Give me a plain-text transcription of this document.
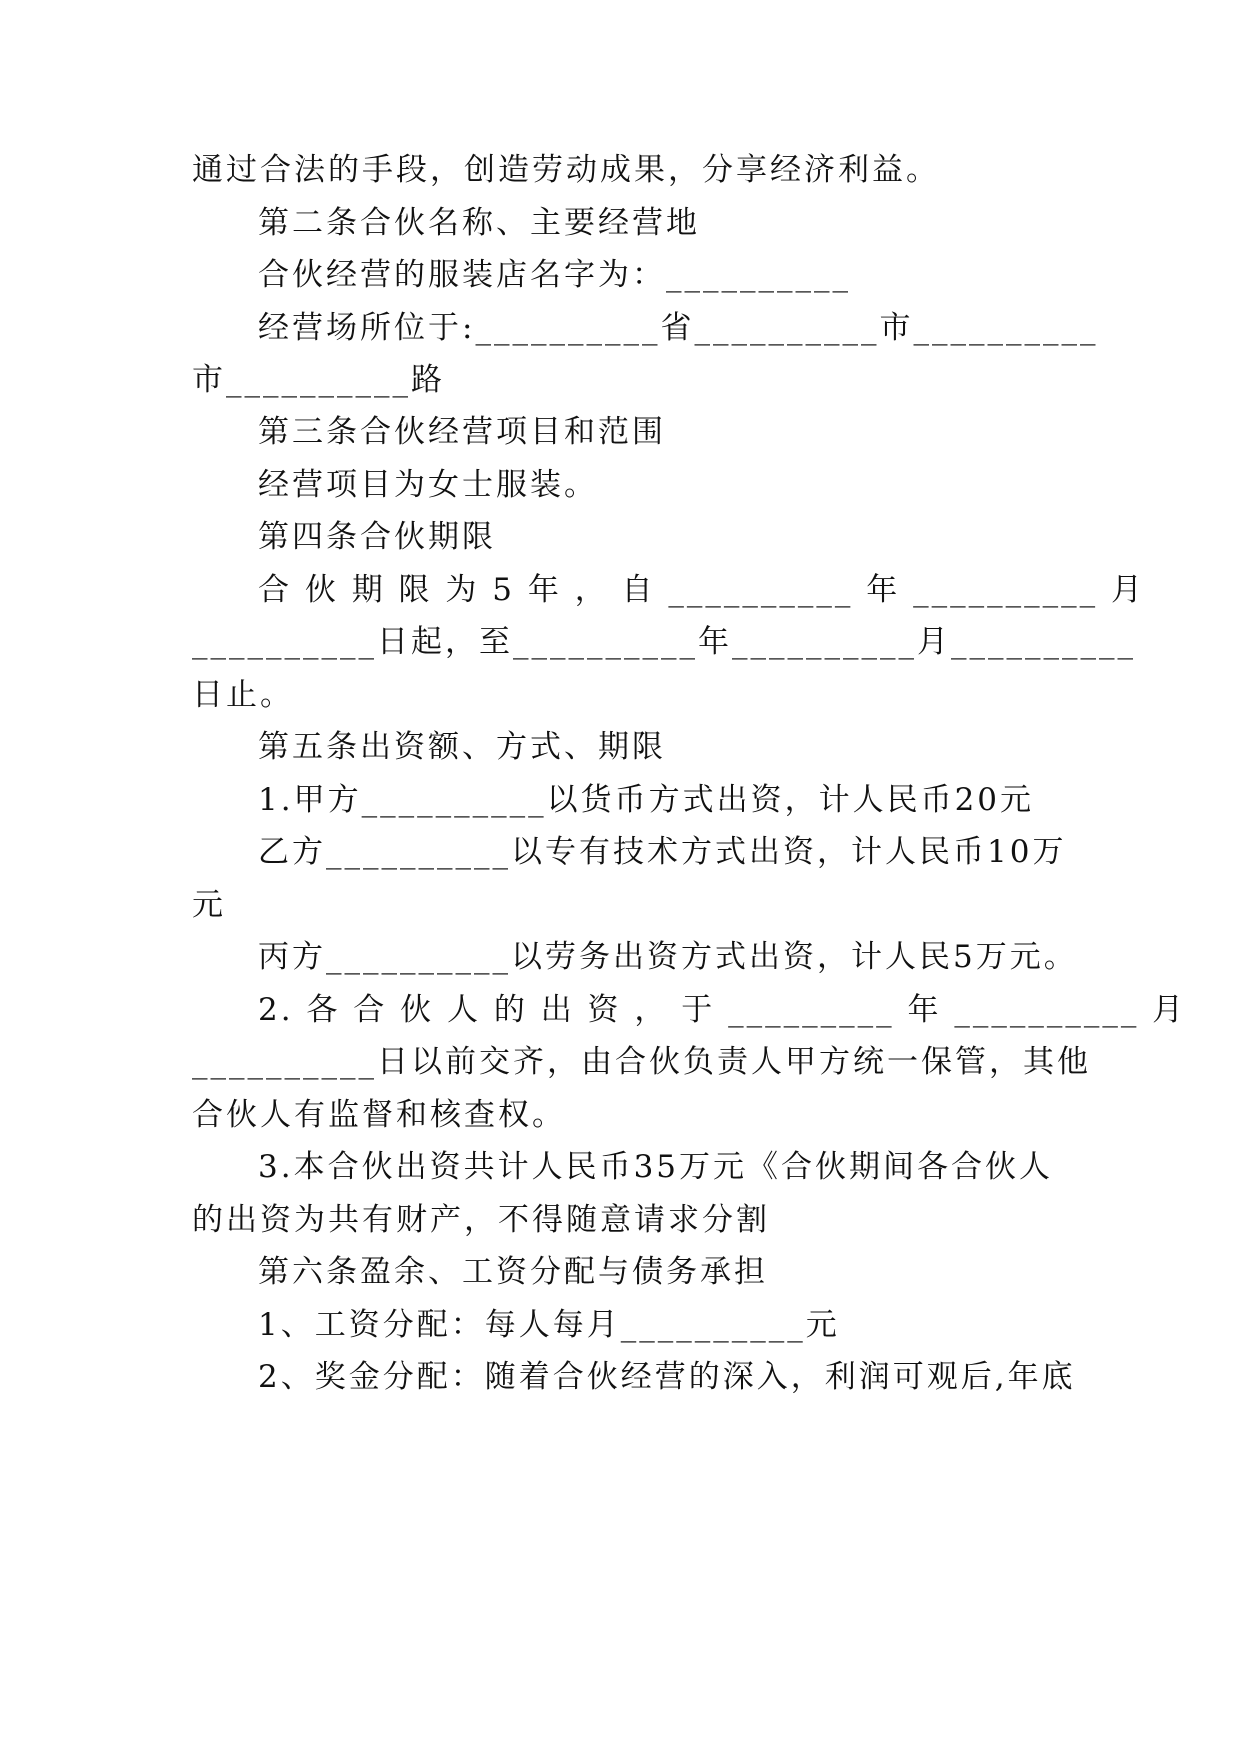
通过合法的手段，创造劳动成果，分享经济利益。
第二条合伙名称、主要经营地
合伙经营的服装店名字为：__________
经营场所位于:__________省__________市__________
市__________路
第三条合伙经营项目和范围
经营项目为女士服装。
第四条合伙期限
合 伙 期 限 为 5 年 ， 自 __________ 年 __________ 月
__________日起，至__________年__________月__________
日止。
第五条出资额、方式、期限
1.甲方__________以货币方式出资，计人民币20元
乙方__________以专有技术方式出资，计人民币10万
元
丙方__________以劳务出资方式出资，计人民5万元。
2. 各 合 伙 人 的 出 资 ， 于 _________ 年 __________ 月
__________日以前交齐，由合伙负责人甲方统一保管，其他
合伙人有监督和核查权。
3.本合伙出资共计人民币35万元《合伙期间各合伙人
的出资为共有财产，不得随意请求分割
第六条盈余、工资分配与债务承担
1、工资分配：每人每月__________元
2、奖金分配：随着合伙经营的深入，利润可观后,年底
